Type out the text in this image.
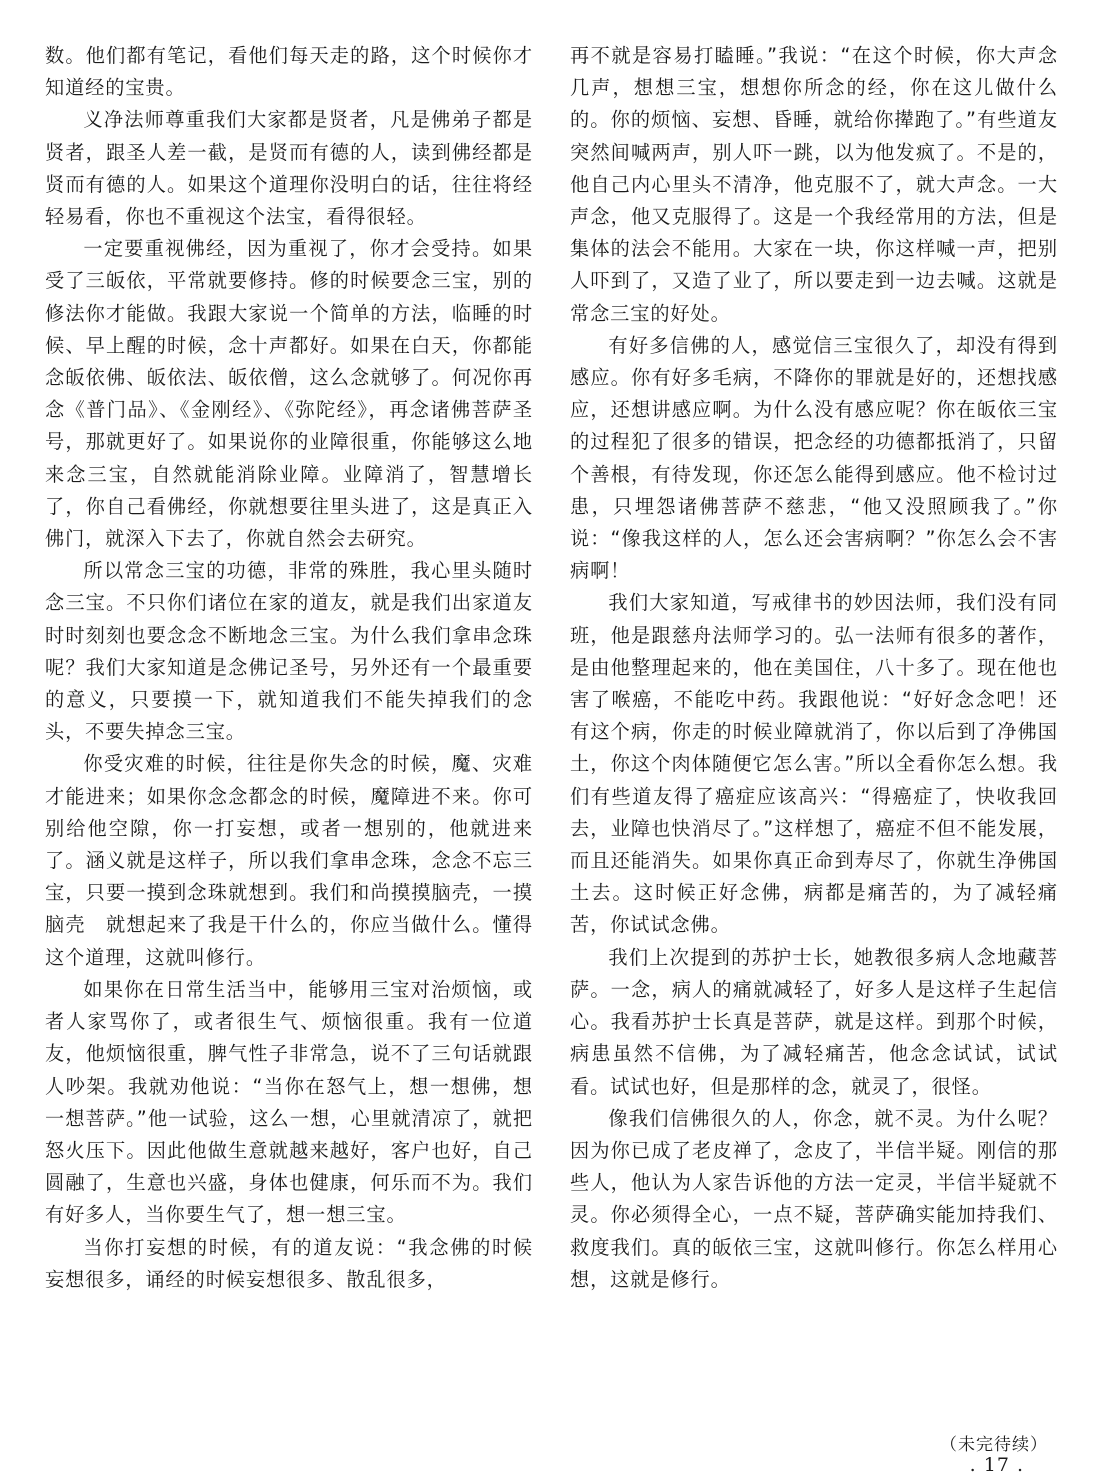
数。他们都有笔记，看他们每天走的路，这个时候你才知道经的宝贵。

义净法师尊重我们大家都是贤者，凡是佛弟子都是贤者，跟圣人差一截，是贤而有德的人，读到佛经都是贤而有德的人。如果这个道理你没明白的话，往往将经轻易看，你也不重视这个法宝，看得很轻。

一定要重视佛经，因为重视了，你才会受持。如果受了三皈依，平常就要修持。修的时候要念三宝，别的修法你才能做。我跟大家说一个简单的方法，临睡的时候、早上醒的时候，念十声都好。如果在白天，你都能念皈依佛、皈依法、皈依僧，这么念就够了。何况你再念《普门品》、《金刚经》、《弥陀经》，再念诸佛菩萨圣号，那就更好了。如果说你的业障很重，你能够这么地来念三宝，自然就能消除业障。业障消了，智慧增长了，你自己看佛经，你就想要往里头进了，这是真正入佛门，就深入下去了，你就自然会去研究。

所以常念三宝的功德，非常的殊胜，我心里头随时念三宝。不只你们诸位在家的道友，就是我们出家道友时时刻刻也要念念不断地念三宝。为什么我们拿串念珠呢？我们大家知道是念佛记圣号，另外还有一个最重要的意义，只要摸一下，就知道我们不能失掉我们的念头，不要失掉念三宝。

你受灾难的时候，往往是你失念的时候，魔、灾难才能进来；如果你念念都念的时候，魔障进不来。你可别给他空隙，你一打妄想，或者一想别的，他就进来了。涵义就是这样子，所以我们拿串念珠，念念不忘三宝，只要一摸到念珠就想到。我们和尚摸摸脑壳，一摸脑壳　就想起来了我是干什么的，你应当做什么。懂得这个道理，这就叫修行。

如果你在日常生活当中，能够用三宝对治烦恼，或者人家骂你了，或者很生气、烦恼很重。我有一位道友，他烦恼很重，脾气性子非常急，说不了三句话就跟人吵架。我就劝他说：“当你在怒气上，想一想佛，想一想菩萨。”他一试验，这么一想，心里就清凉了，就把怒火压下。因此他做生意就越来越好，客户也好，自己圆融了，生意也兴盛，身体也健康，何乐而不为。我们有好多人，当你要生气了，想一想三宝。

当你打妄想的时候，有的道友说：“我念佛的时候妄想很多，诵经的时候妄想很多、散乱很多，

再不就是容易打瞌睡。”我说：“在这个时候，你大声念几声，想想三宝，想想你所念的经，你在这儿做什么的。你的烦恼、妄想、昏睡，就给你撵跑了。”有些道友突然间喊两声，别人吓一跳，以为他发疯了。不是的，他自己内心里头不清净，他克服不了，就大声念。一大声念，他又克服得了。这是一个我经常用的方法，但是集体的法会不能用。大家在一块，你这样喊一声，把别人吓到了，又造了业了，所以要走到一边去喊。这就是常念三宝的好处。

有好多信佛的人，感觉信三宝很久了，却没有得到感应。你有好多毛病，不降你的罪就是好的，还想找感应，还想讲感应啊。为什么没有感应呢？你在皈依三宝的过程犯了很多的错误，把念经的功德都抵消了，只留个善根，有待发现，你还怎么能得到感应。他不检讨过患，只埋怨诸佛菩萨不慈悲，“他又没照顾我了。”你说：“像我这样的人，怎么还会害病啊？”你怎么会不害病啊！

我们大家知道，写戒律书的妙因法师，我们没有同班，他是跟慈舟法师学习的。弘一法师有很多的著作，是由他整理起来的，他在美国住，八十多了。现在他也害了喉癌，不能吃中药。我跟他说：“好好念念吧！还有这个病，你走的时候业障就消了，你以后到了净佛国土，你这个肉体随便它怎么害。”所以全看你怎么想。我们有些道友得了癌症应该高兴：“得癌症了，快收我回去，业障也快消尽了。”这样想了，癌症不但不能发展，而且还能消失。如果你真正命到寿尽了，你就生净佛国土去。这时候正好念佛，病都是痛苦的，为了减轻痛苦，你试试念佛。

我们上次提到的苏护士长，她教很多病人念地藏菩萨。一念，病人的痛就减轻了，好多人是这样子生起信心。我看苏护士长真是菩萨，就是这样。到那个时候，病患虽然不信佛，为了减轻痛苦，他念念试试，试试看。试试也好，但是那样的念，就灵了，很怪。

像我们信佛很久的人，你念，就不灵。为什么呢？因为你已成了老皮禅了，念皮了，半信半疑。刚信的那些人，他认为人家告诉他的方法一定灵，半信半疑就不灵。你必须得全心，一点不疑，菩萨确实能加持我们、救度我们。真的皈依三宝，这就叫修行。你怎么样用心想，这就是修行。

（未完待续）
. 17 .
